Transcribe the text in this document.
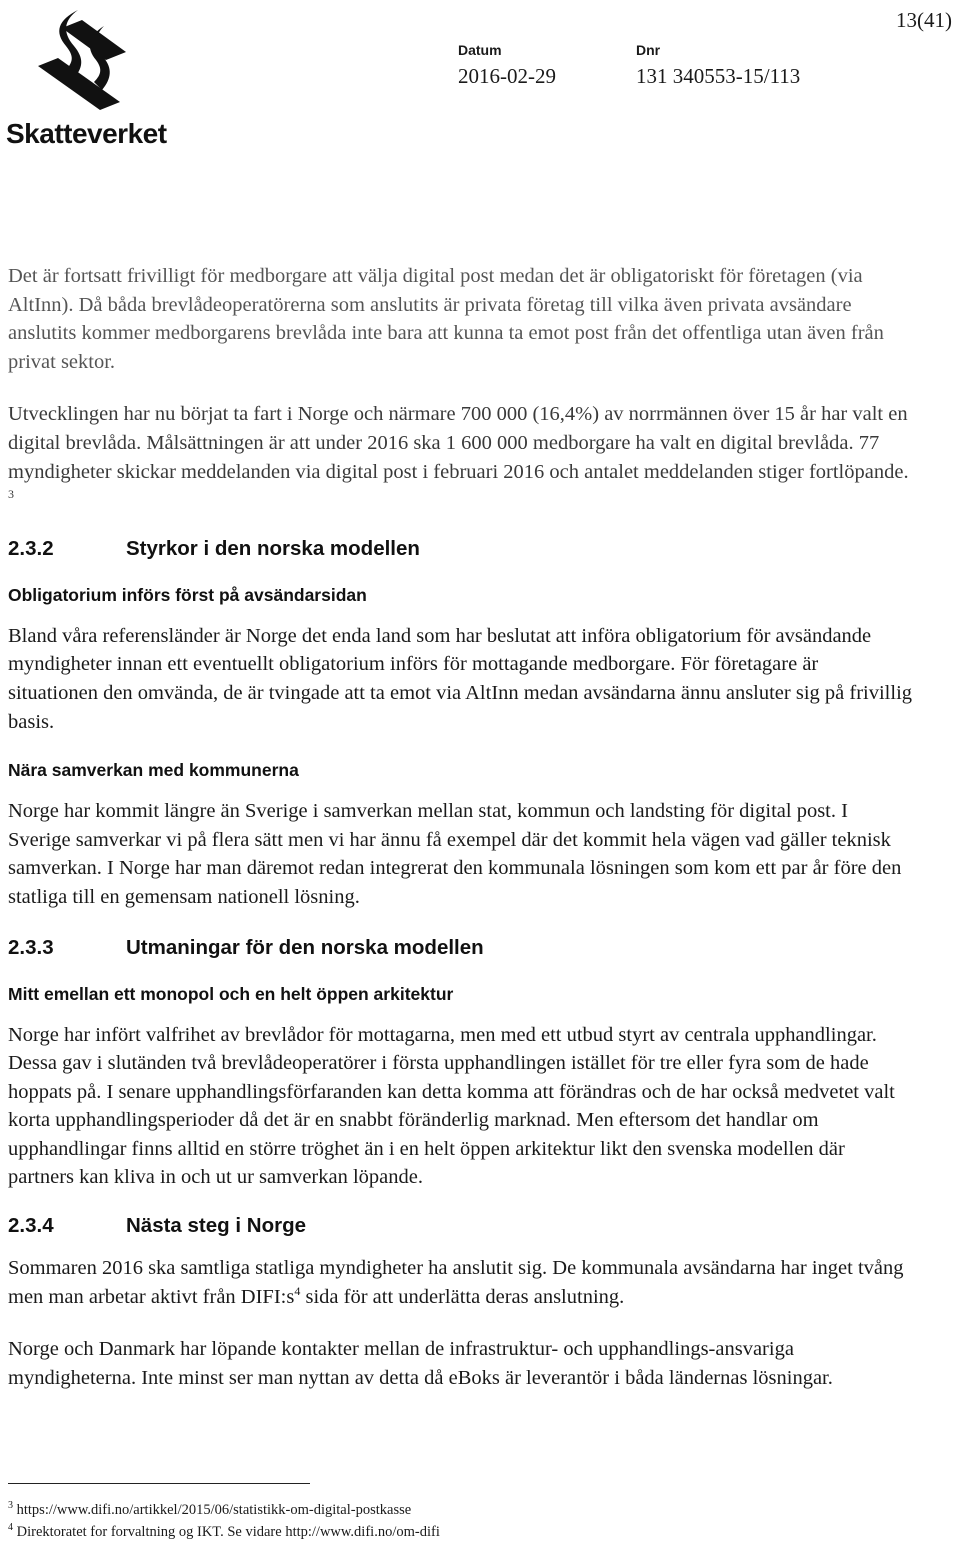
Skatteverket
13(41)
Datum
2016-02-29
Dnr
131 340553-15/113

Det är fortsatt frivilligt för medborgare att välja digital post medan det är obligatoriskt för företagen (via AltInn). Då båda brevlådeoperatörerna som anslutits är privata företag till vilka även privata avsändare anslutits kommer medborgarens brevlåda inte bara att kunna ta emot post från det offentliga utan även från privat sektor.

Utvecklingen har nu börjat ta fart i Norge och närmare 700 000 (16,4%) av norrmännen över 15 år har valt en digital brevlåda. Målsättningen är att under 2016 ska 1 600 000 medborgare ha valt en digital brevlåda. 77 myndigheter skickar meddelanden via digital post i februari 2016 och antalet meddelanden stiger fortlöpande. $^3$

2.3.2	Styrkor i den norska modellen
Obligatorium införs först på avsändarsidan

Bland våra referensländer är Norge det enda land som har beslutat att införa obligatorium för avsändande myndigheter innan ett eventuellt obligatorium införs för mottagande medborgare. För företagare är situationen den omvända, de är tvingade att ta emot via AltInn medan avsändarna ännu ansluter sig på frivillig basis.

Nära samverkan med kommunerna

Norge har kommit längre än Sverige i samverkan mellan stat, kommun och landsting för digital post. I Sverige samverkar vi på flera sätt men vi har ännu få exempel där det kommit hela vägen vad gäller teknisk samverkan. I Norge har man däremot redan integrerat den kommunala lösningen som kom ett par år före den statliga till en gemensam nationell lösning.

2.3.3	Utmaningar för den norska modellen
Mitt emellan ett monopol och en helt öppen arkitektur

Norge har infört valfrihet av brevlådor för mottagarna, men med ett utbud styrt av centrala upphandlingar. Dessa gav i slutänden två brevlådeoperatörer i första upphandlingen istället för tre eller fyra som de hade hoppats på. I senare upphandlingsförfaranden kan detta komma att förändras och de har också medvetet valt korta upphandlingsperioder då det är en snabbt föränderlig marknad. Men eftersom det handlar om upphandlingar finns alltid en större tröghet än i en helt öppen arkitektur likt den svenska modellen där partners kan kliva in och ut ur samverkan löpande.

2.3.4	Nästa steg i Norge

Sommaren 2016 ska samtliga statliga myndigheter ha anslutit sig. De kommunala avsändarna har inget tvång men man arbetar aktivt från $DIFI:s^4$ sida för att underlätta deras anslutning.

Norge och Danmark har löpande kontakter mellan de infrastruktur- och upphandlings-ansvariga myndigheterna. Inte minst ser man nyttan av detta då eBoks är leverantör i båda ländernas lösningar.

$^3$ https://www.difi.no/artikkel/2015/06/statistikk-om-digital-postkasse
$^4$ Direktoratet for forvaltning og IKT. Se vidare http://www.difi.no/om-difi
